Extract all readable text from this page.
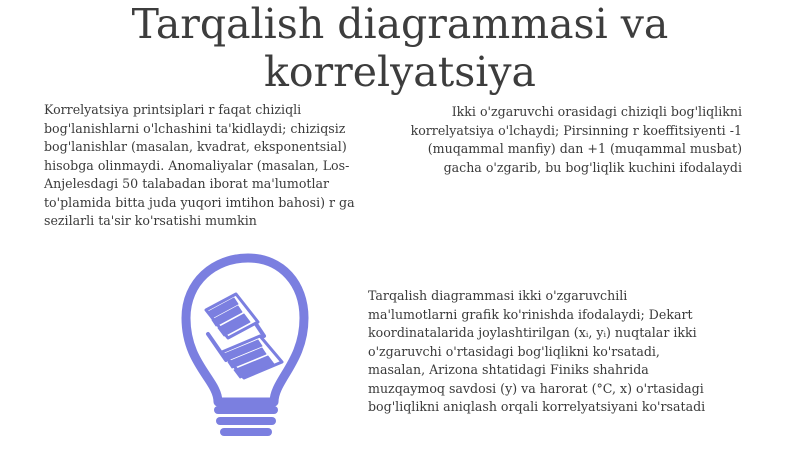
Tarqalish diagrammasi va korrelyatsiya
Korrelyatsiya printsiplari r faqat chiziqli bog'lanishlarni o'lchashini ta'kidlaydi; chiziqsiz bog'lanishlar (masalan, kvadrat, eksponentsial) hisobga olinmaydi. Anomaliyalar (masalan, Los-Anjelesdagi 50 talabadan iborat ma'lumotlar to'plamida bitta juda yuqori imtihon bahosi) r ga sezilarli ta'sir ko'rsatishi mumkin
Ikki o'zgaruvchi orasidagi chiziqli bog'liqlikni korrelyatsiya o'lchaydi; Pirsinning r koeffitsiyenti -1 (muqammal manfiy) dan +1 (muqammal musbat) gacha o'zgarib, bu bog'liqlik kuchini ifodalaydi
Tarqalish diagrammasi ikki o'zgaruvchili ma'lumotlarni grafik ko'rinishda ifodalaydi; Dekart koordinatalarida joylashtirilgan (xᵢ, yᵢ) nuqtalar ikki o'zgaruvchi o'rtasidagi bog'liqlikni ko'rsatadi, masalan, Arizona shtatidagi Finiks shahrida muzqaymoq savdosi (y) va harorat (°C, x) o'rtasidagi bog'liqlikni aniqlash orqali korrelyatsiyani ko'rsatadi
